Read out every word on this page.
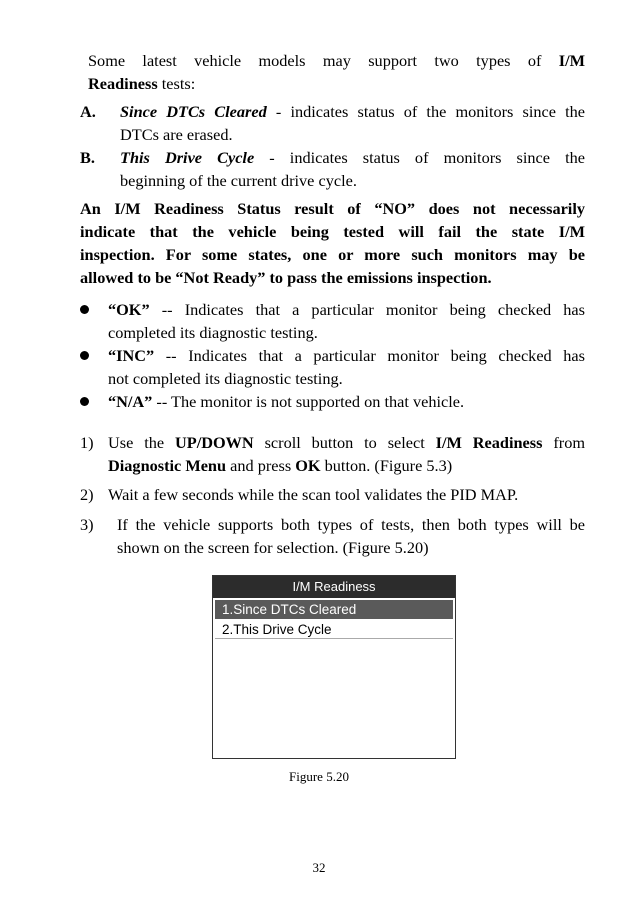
Some latest vehicle models may support two types of I/M
Readiness tests:
A. Since DTCs Cleared - indicates status of the monitors since the
DTCs are erased.
B. This Drive Cycle - indicates status of monitors since the
beginning of the current drive cycle.
An I/M Readiness Status result of “NO” does not necessarily
indicate that the vehicle being tested will fail the state I/M
inspection. For some states, one or more such monitors may be
allowed to be “Not Ready” to pass the emissions inspection.
“OK” -- Indicates that a particular monitor being checked has
completed its diagnostic testing.
“INC” -- Indicates that a particular monitor being checked has
not completed its diagnostic testing.
“N/A” -- The monitor is not supported on that vehicle.
1) Use the UP/DOWN scroll button to select I/M Readiness from
Diagnostic Menu and press OK button. (Figure 5.3)
2) Wait a few seconds while the scan tool validates the PID MAP.
3) If the vehicle supports both types of tests, then both types will be
shown on the screen for selection. (Figure 5.20)
I/M Readiness
1.Since DTCs Cleared
2.This Drive Cycle
Figure 5.20
32
